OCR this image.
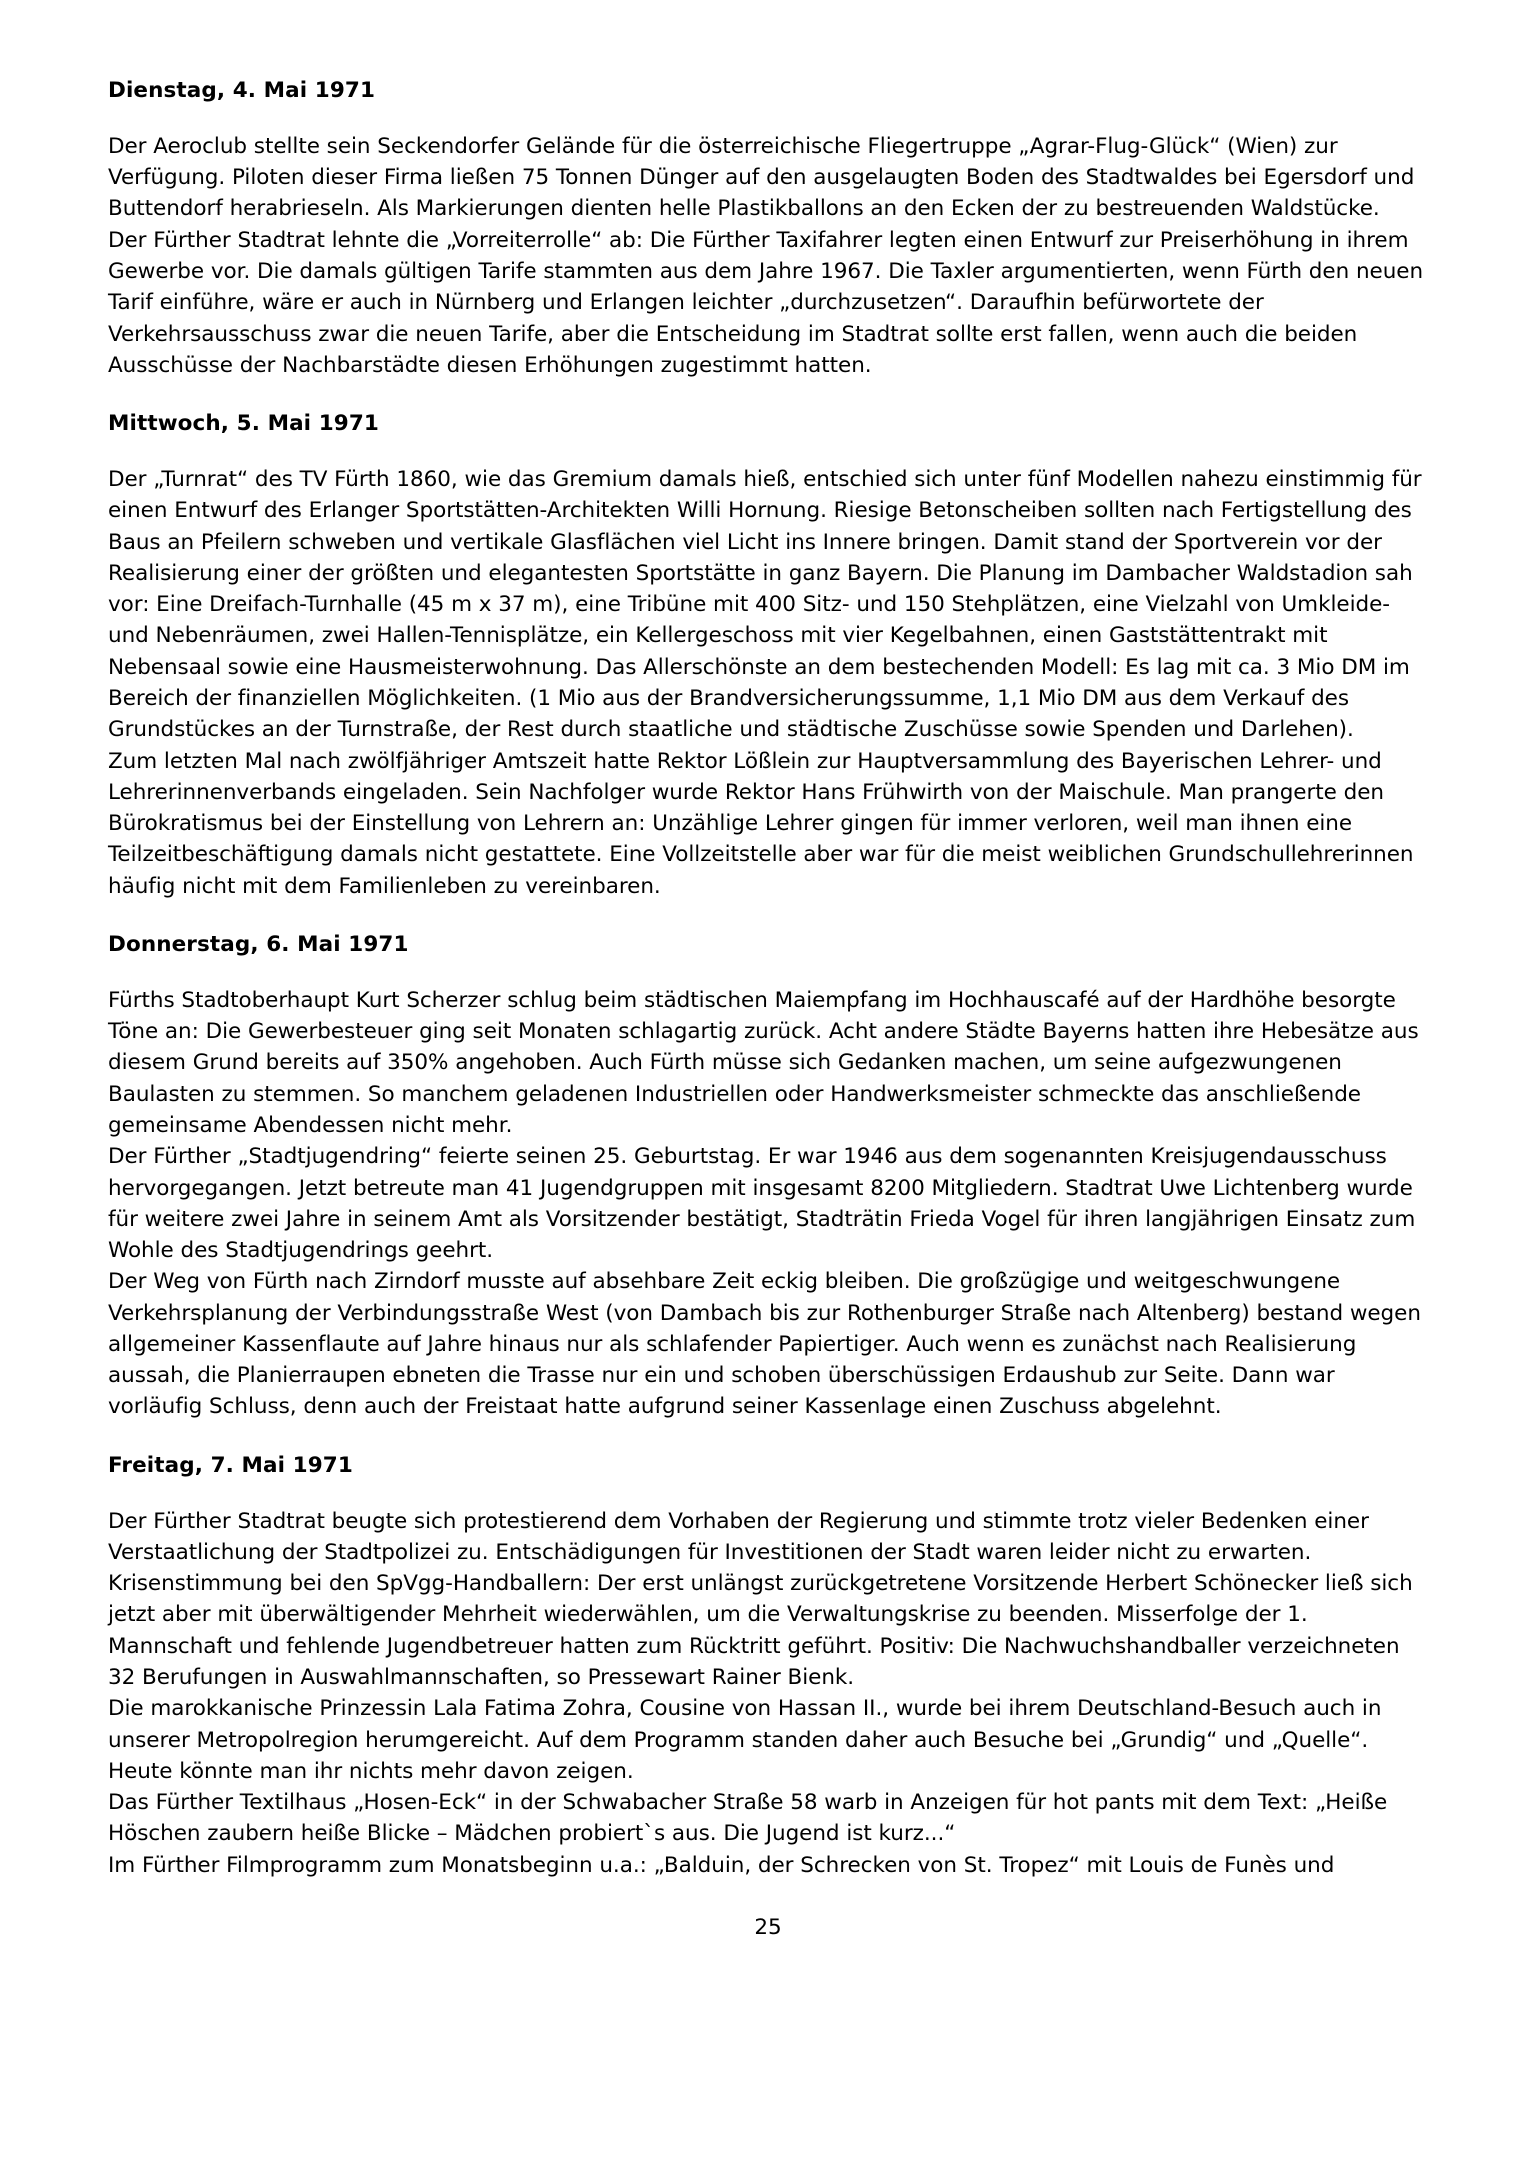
Dienstag, 4. Mai 1971

Der Aeroclub stellte sein Seckendorfer Gelände für die österreichische Fliegertruppe „Agrar-Flug-Glück“ (Wien) zur Verfügung. Piloten dieser Firma ließen 75 Tonnen Dünger auf den ausgelaugten Boden des Stadtwaldes bei Egersdorf und Buttendorf herabrieseln. Als Markierungen dienten helle Plastikballons an den Ecken der zu bestreuenden Waldstücke.

Der Fürther Stadtrat lehnte die „Vorreiterrolle“ ab: Die Fürther Taxifahrer legten einen Entwurf zur Preiserhöhung in ihrem Gewerbe vor. Die damals gültigen Tarife stammten aus dem Jahre 1967. Die Taxler argumentierten, wenn Fürth den neuen Tarif einführe, wäre er auch in Nürnberg und Erlangen leichter „durchzusetzen“. Daraufhin befürwortete der Verkehrsausschuss zwar die neuen Tarife, aber die Entscheidung im Stadtrat sollte erst fallen, wenn auch die beiden Ausschüsse der Nachbarstädte diesen Erhöhungen zugestimmt hatten.

Mittwoch, 5. Mai 1971

Der „Turnrat“ des TV Fürth 1860, wie das Gremium damals hieß, entschied sich unter fünf Modellen nahezu einstimmig für einen Entwurf des Erlanger Sportstätten-Architekten Willi Hornung. Riesige Betonscheiben sollten nach Fertigstellung des Baus an Pfeilern schweben und vertikale Glasflächen viel Licht ins Innere bringen. Damit stand der Sportverein vor der Realisierung einer der größten und elegantesten Sportstätte in ganz Bayern. Die Planung im Dambacher Waldstadion sah vor: Eine Dreifach-Turnhalle (45 m x 37 m), eine Tribüne mit 400 Sitz- und 150 Stehplätzen, eine Vielzahl von Umkleide- und Nebenräumen, zwei Hallen-Tennisplätze, ein Kellergeschoss mit vier Kegelbahnen, einen Gaststättentrakt mit Nebensaal sowie eine Hausmeisterwohnung. Das Allerschönste an dem bestechenden Modell: Es lag mit ca. 3 Mio DM im Bereich der finanziellen Möglichkeiten. (1 Mio aus der Brandversicherungssumme, 1,1 Mio DM aus dem Verkauf des Grundstückes an der Turnstraße, der Rest durch staatliche und städtische Zuschüsse sowie Spenden und Darlehen).

Zum letzten Mal nach zwölfjähriger Amtszeit hatte Rektor Lößlein zur Hauptversammlung des Bayerischen Lehrer- und Lehrerinnenverbands eingeladen. Sein Nachfolger wurde Rektor Hans Frühwirth von der Maischule. Man prangerte den Bürokratismus bei der Einstellung von Lehrern an: Unzählige Lehrer gingen für immer verloren, weil man ihnen eine Teilzeitbeschäftigung damals nicht gestattete. Eine Vollzeitstelle aber war für die meist weiblichen Grundschullehrerinnen häufig nicht mit dem Familienleben zu vereinbaren.

Donnerstag, 6. Mai 1971

Fürths Stadtoberhaupt Kurt Scherzer schlug beim städtischen Maiempfang im Hochhauscafé auf der Hardhöhe besorgte Töne an: Die Gewerbesteuer ging seit Monaten schlagartig zurück. Acht andere Städte Bayerns hatten ihre Hebesätze aus diesem Grund bereits auf 350% angehoben. Auch Fürth müsse sich Gedanken machen, um seine aufgezwungenen Baulasten zu stemmen. So manchem geladenen Industriellen oder Handwerksmeister schmeckte das anschließende gemeinsame Abendessen nicht mehr.

Der Fürther „Stadtjugendring“ feierte seinen 25. Geburtstag. Er war 1946 aus dem sogenannten Kreisjugendausschuss hervorgegangen. Jetzt betreute man 41 Jugendgruppen mit insgesamt 8200 Mitgliedern. Stadtrat Uwe Lichtenberg wurde für weitere zwei Jahre in seinem Amt als Vorsitzender bestätigt, Stadträtin Frieda Vogel für ihren langjährigen Einsatz zum Wohle des Stadtjugendrings geehrt.

Der Weg von Fürth nach Zirndorf musste auf absehbare Zeit eckig bleiben. Die großzügige und weitgeschwungene Verkehrsplanung der Verbindungsstraße West (von Dambach bis zur Rothenburger Straße nach Altenberg) bestand wegen allgemeiner Kassenflaute auf Jahre hinaus nur als schlafender Papiertiger. Auch wenn es zunächst nach Realisierung aussah, die Planierraupen ebneten die Trasse nur ein und schoben überschüssigen Erdaushub zur Seite. Dann war vorläufig Schluss, denn auch der Freistaat hatte aufgrund seiner Kassenlage einen Zuschuss abgelehnt.

Freitag, 7. Mai 1971

Der Fürther Stadtrat beugte sich protestierend dem Vorhaben der Regierung und stimmte trotz vieler Bedenken einer Verstaatlichung der Stadtpolizei zu. Entschädigungen für Investitionen der Stadt waren leider nicht zu erwarten.

Krisenstimmung bei den SpVgg-Handballern: Der erst unlängst zurückgetretene Vorsitzende Herbert Schönecker ließ sich jetzt aber mit überwältigender Mehrheit wiederwählen, um die Verwaltungskrise zu beenden. Misserfolge der 1. Mannschaft und fehlende Jugendbetreuer hatten zum Rücktritt geführt. Positiv: Die Nachwuchshandballer verzeichneten 32 Berufungen in Auswahlmannschaften, so Pressewart Rainer Bienk.

Die marokkanische Prinzessin Lala Fatima Zohra, Cousine von Hassan II., wurde bei ihrem Deutschland-Besuch auch in unserer Metropolregion herumgereicht. Auf dem Programm standen daher auch Besuche bei „Grundig“ und „Quelle“. Heute könnte man ihr nichts mehr davon zeigen.

Das Fürther Textilhaus „Hosen-Eck“ in der Schwabacher Straße 58 warb in Anzeigen für hot pants mit dem Text: „Heiße Höschen zaubern heiße Blicke – Mädchen probiert`s aus. Die Jugend ist kurz...“

Im Fürther Filmprogramm zum Monatsbeginn u.a.: „Balduin, der Schrecken von St. Tropez“ mit Louis de Funès und

25
